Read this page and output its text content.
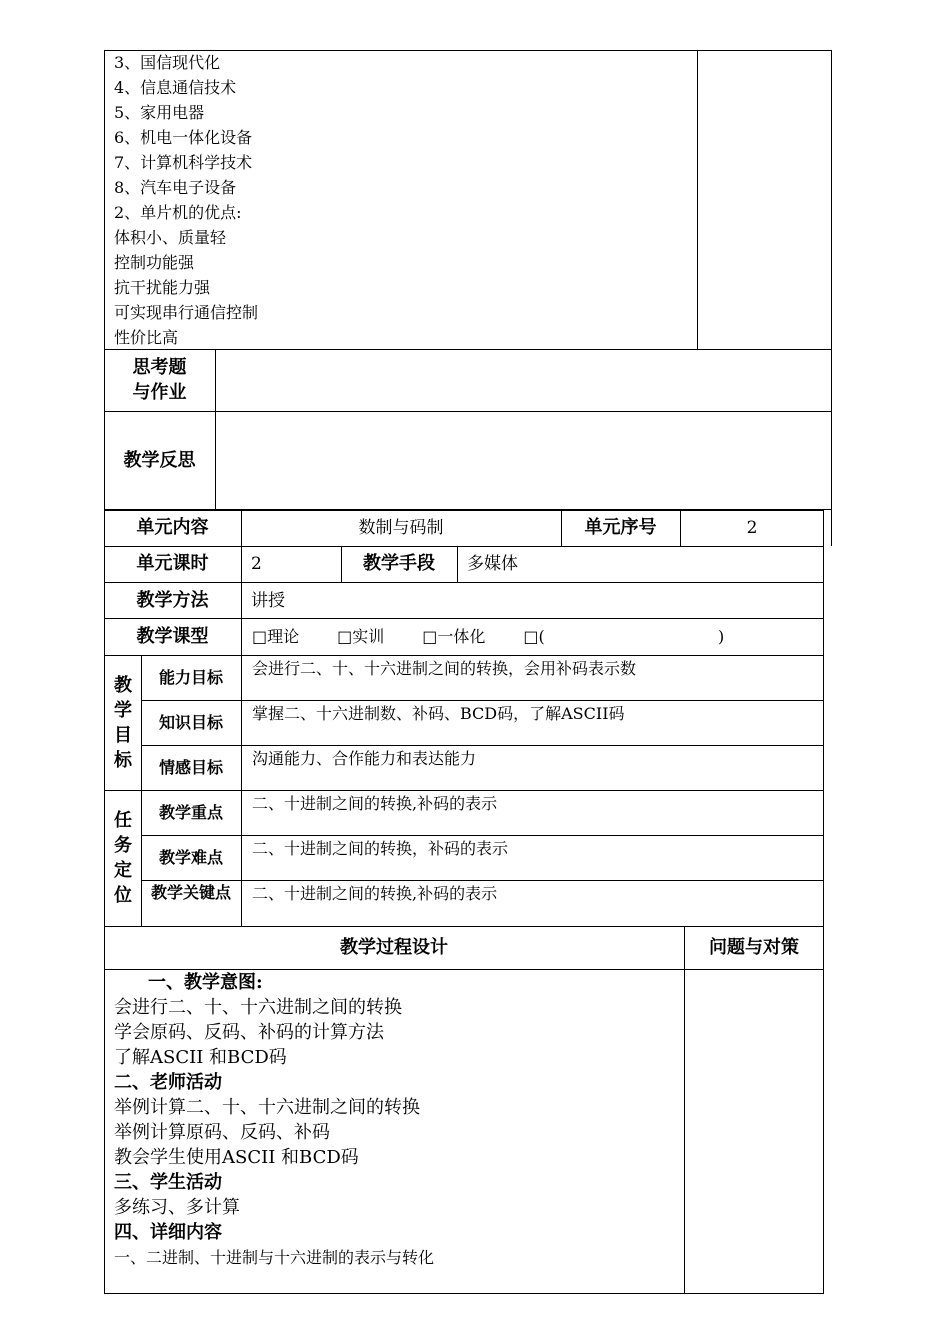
3、国信现代化
4、信息通信技术
5、家用电器
6、机电一体化设备
7、计算机科学技术
8、汽车电子设备
2、单片机的优点:
体积小、质量轻
控制功能强
抗干扰能力强
可实现串行通信控制
性价比高
思考题
与作业
教学反思
单元内容	数制与码制	单元序号	2
单元课时	2	教学手段	多媒体
教学方法	讲授
教学课型	□理论 □实训 □一体化 □(	)
教
学
目
标
能力目标	会进行二、十、十六进制之间的转换，会用补码表示数
知识目标	掌握二、十六进制数、补码、BCD码，了解ASCII码
情感目标	沟通能力、合作能力和表达能力
任
务
定
位
教学重点	二、十进制之间的转换,补码的表示
教学难点	二、十进制之间的转换，补码的表示
教学关键点	二、十进制之间的转换,补码的表示
教学过程设计	问题与对策
一、教学意图:
会进行二、十、十六进制之间的转换
学会原码、反码、补码的计算方法
了解ASCII 和BCD码
二、老师活动
举例计算二、十、十六进制之间的转换
举例计算原码、反码、补码
教会学生使用ASCII 和BCD码
三、学生活动
多练习、多计算
四、详细内容
一、二进制、十进制与十六进制的表示与转化
